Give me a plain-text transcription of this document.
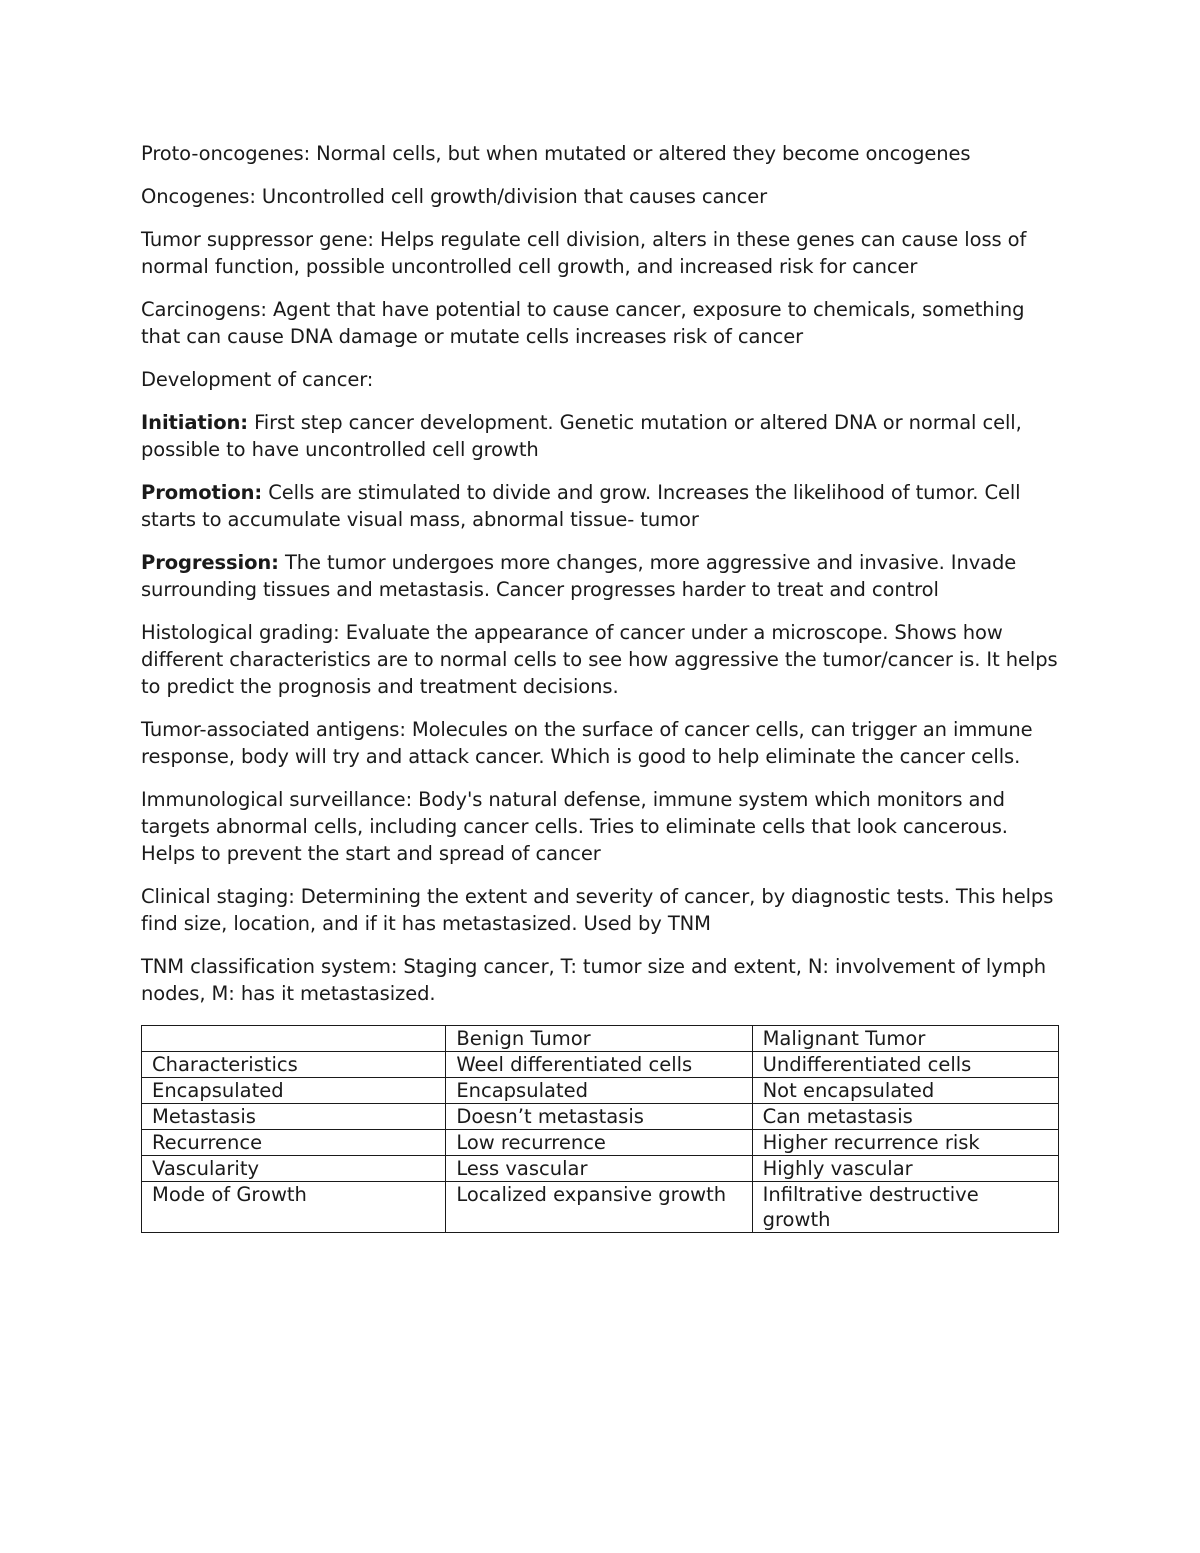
Proto-oncogenes: Normal cells, but when mutated or altered they become oncogenes

Oncogenes: Uncontrolled cell growth/division that causes cancer

Tumor suppressor gene: Helps regulate cell division, alters in these genes can cause loss of normal function, possible uncontrolled cell growth, and increased risk for cancer

Carcinogens: Agent that have potential to cause cancer, exposure to chemicals, something that can cause DNA damage or mutate cells increases risk of cancer

Development of cancer:

Initiation: First step cancer development. Genetic mutation or altered DNA or normal cell, possible to have uncontrolled cell growth

Promotion: Cells are stimulated to divide and grow. Increases the likelihood of tumor. Cell starts to accumulate visual mass, abnormal tissue- tumor

Progression: The tumor undergoes more changes, more aggressive and invasive. Invade surrounding tissues and metastasis. Cancer progresses harder to treat and control

Histological grading: Evaluate the appearance of cancer under a microscope. Shows how different characteristics are to normal cells to see how aggressive the tumor/cancer is. It helps to predict the prognosis and treatment decisions.

Tumor-associated antigens: Molecules on the surface of cancer cells, can trigger an immune response, body will try and attack cancer. Which is good to help eliminate the cancer cells.

Immunological surveillance: Body's natural defense, immune system which monitors and targets abnormal cells, including cancer cells. Tries to eliminate cells that look cancerous. Helps to prevent the start and spread of cancer

Clinical staging: Determining the extent and severity of cancer, by diagnostic tests. This helps find size, location, and if it has metastasized. Used by TNM

TNM classification system: Staging cancer, T: tumor size and extent, N: involvement of lymph nodes, M: has it metastasized.

	Benign Tumor	Malignant Tumor
Characteristics	Weel differentiated cells	Undifferentiated cells
Encapsulated	Encapsulated	Not encapsulated
Metastasis	Doesn’t metastasis	Can metastasis
Recurrence	Low recurrence	Higher recurrence risk
Vascularity	Less vascular	Highly vascular
Mode of Growth	Localized expansive growth	Infiltrative destructive growth
